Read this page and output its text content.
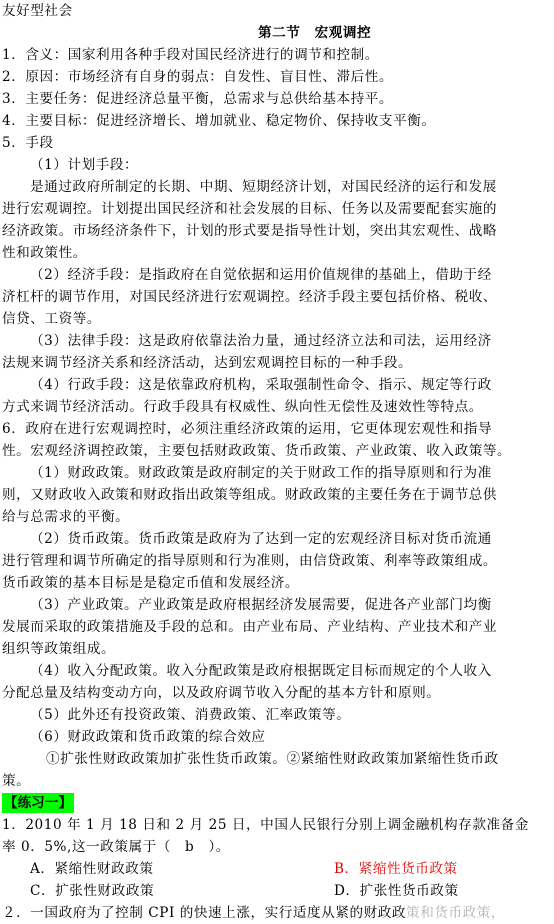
友好型社会
第二节　宏观调控
1．含义：国家利用各种手段对国民经济进行的调节和控制。
2．原因：市场经济有自身的弱点：自发性、盲目性、滞后性。
3．主要任务：促进经济总量平衡，总需求与总供给基本持平。
4．主要目标：促进经济增长、增加就业、稳定物价、保持收支平衡。
5．手段
（1）计划手段：
是通过政府所制定的长期、中期、短期经济计划，对国民经济的运行和发展
进行宏观调控。计划提出国民经济和社会发展的目标、任务以及需要配套实施的
经济政策。市场经济条件下，计划的形式要是指导性计划，突出其宏观性、战略
性和政策性。
（2）经济手段：是指政府在自觉依据和运用价值规律的基础上，借助于经
济杠杆的调节作用，对国民经济进行宏观调控。经济手段主要包括价格、税收、
信贷、工资等。
（3）法律手段：这是政府依靠法治力量，通过经济立法和司法，运用经济
法规来调节经济关系和经济活动，达到宏观调控目标的一种手段。
（4）行政手段：这是依靠政府机构，采取强制性命令、指示、规定等行政
方式来调节经济活动。行政手段具有权威性、纵向性无偿性及速效性等特点。
6．政府在进行宏观调控时，必须注重经济政策的运用，它更体现宏观性和指导
性。宏观经济调控政策，主要包括财政政策、货币政策、产业政策、收入政策等。
（1）财政政策。财政政策是政府制定的关于财政工作的指导原则和行为准
则，又财政收入政策和财政指出政策等组成。财政政策的主要任务在于调节总供
给与总需求的平衡。
（2）货币政策。货币政策是政府为了达到一定的宏观经济目标对货币流通
进行管理和调节所确定的指导原则和行为准则，由信贷政策、利率等政策组成。
货币政策的基本目标是是稳定币值和发展经济。
（3）产业政策。产业政策是政府根据经济发展需要，促进各产业部门均衡
发展而采取的政策措施及手段的总和。由产业布局、产业结构、产业技术和产业
组织等政策组成。
（4）收入分配政策。收入分配政策是政府根据既定目标而规定的个人收入
分配总量及结构变动方向，以及政府调节收入分配的基本方针和原则。
（5）此外还有投资政策、消费政策、汇率政策等。
（6）财政政策和货币政策的综合效应
①扩张性财政政策加扩张性货币政策。②紧缩性财政政策加紧缩性货币政
策。
【练习一】
1．2010 年 1 月 18 日和 2 月 25 日，中国人民银行分别上调金融机构存款准备金
率 0．5%,这一政策属于（　b　）。
A．紧缩性财政政策	B．紧缩性货币政策
C．扩张性财政政策	D．扩张性货币政策
２．一国政府为了控制 CPI 的快速上涨，实行适度从紧的财政政策和货币政策，
